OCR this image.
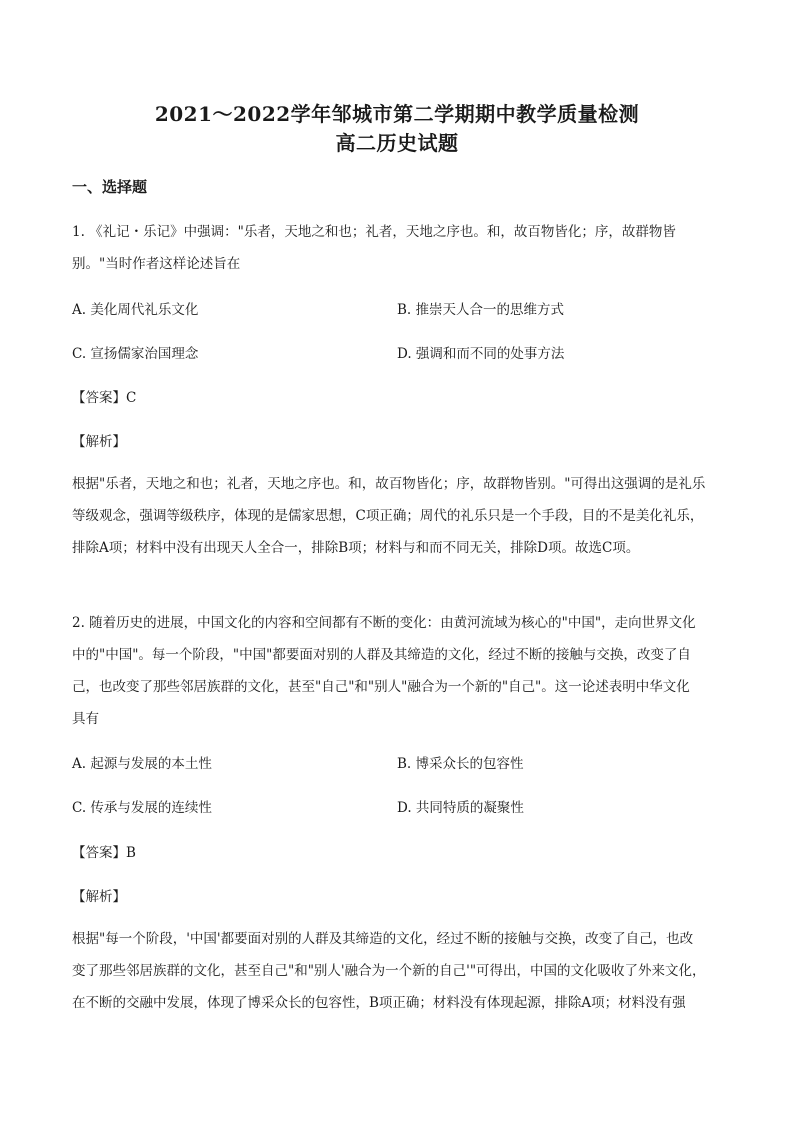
2021～2022学年邹城市第二学期期中教学质量检测
高二历史试题
一、选择题
1. 《礼记・乐记》中强调："乐者，天地之和也；礼者，天地之序也。和，故百物皆化；序，故群物皆
别。"当时作者这样论述旨在
A. 美化周代礼乐文化	B. 推崇天人合一的思维方式
C. 宣扬儒家治国理念	D. 强调和而不同的处事方法
【答案】C
【解析】
根据"乐者，天地之和也；礼者，天地之序也。和，故百物皆化；序，故群物皆别。"可得出这强调的是礼乐
等级观念，强调等级秩序，体现的是儒家思想，C项正确；周代的礼乐只是一个手段，目的不是美化礼乐，
排除A项；材料中没有出现天人全合一，排除B项；材料与和而不同无关，排除D项。故选C项。
2. 随着历史的进展，中国文化的内容和空间都有不断的变化：由黄河流域为核心的"中国"，走向世界文化
中的"中国"。每一个阶段，"中国"都要面对别的人群及其缔造的文化，经过不断的接触与交换，改变了自
己，也改变了那些邻居族群的文化，甚至"自己"和"别人"融合为一个新的"自己"。这一论述表明中华文化
具有
A. 起源与发展的本土性	B. 博采众长的包容性
C. 传承与发展的连续性	D. 共同特质的凝聚性
【答案】B
【解析】
根据"每一个阶段，'中国'都要面对别的人群及其缔造的文化，经过不断的接触与交换，改变了自己，也改
变了那些邻居族群的文化，甚至自己"和"别人'融合为一个新的自己'"可得出，中国的文化吸收了外来文化，
在不断的交融中发展，体现了博采众长的包容性，B项正确；材料没有体现起源，排除A项；材料没有强
